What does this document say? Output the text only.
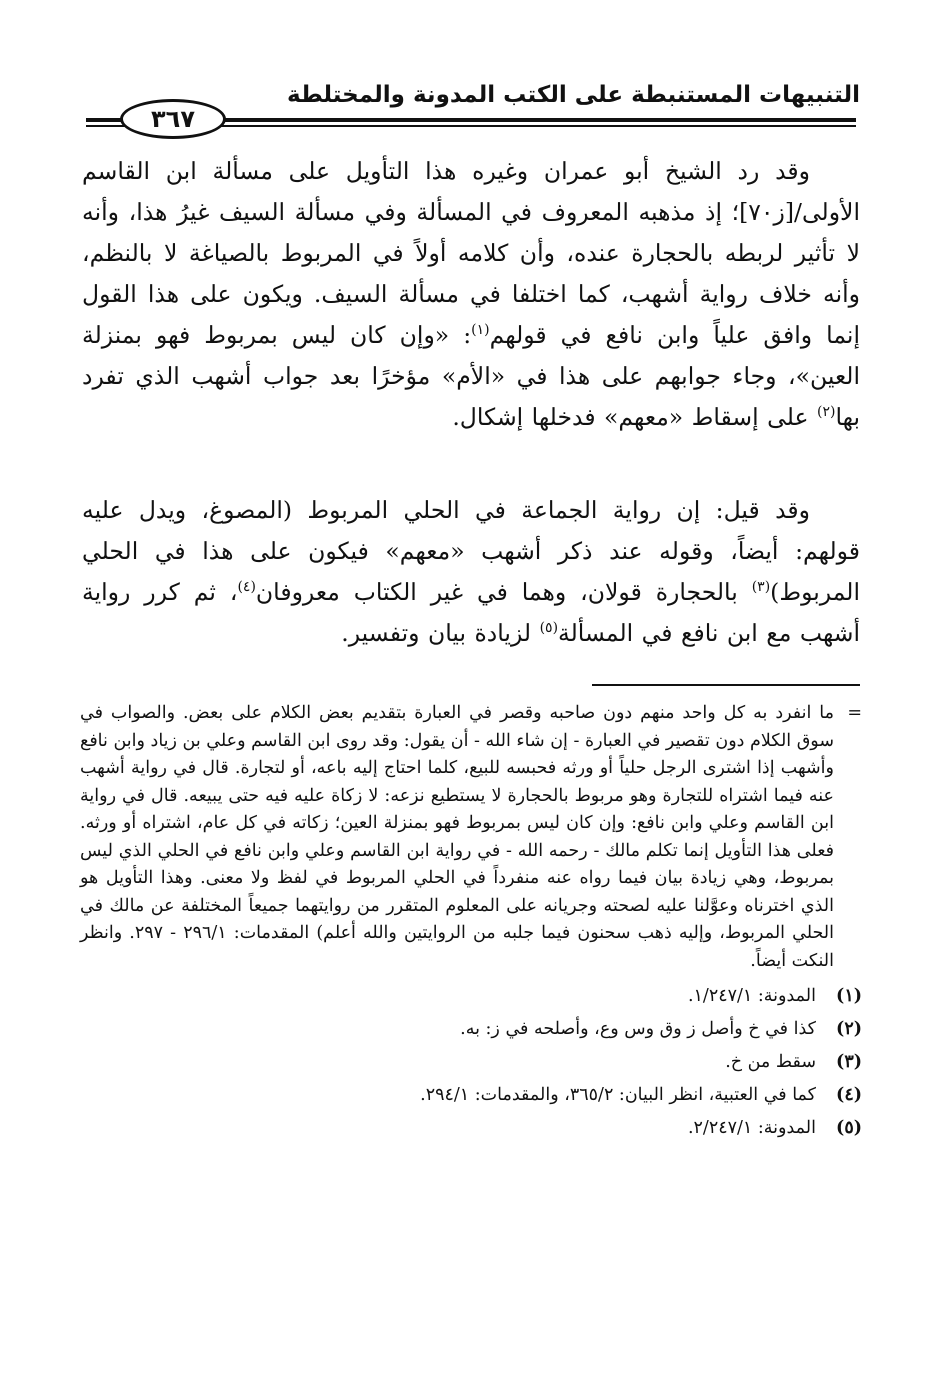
التنبيهات المستنبطة على الكتب المدونة والمختلطة
٣٦٧

وقد رد الشيخ أبو عمران وغيره هذا التأويل على مسألة ابن القاسم الأولى/[ز٧٠]؛ إذ مذهبه المعروف في المسألة وفي مسألة السيف غيرُ هذا، وأنه لا تأثير لربطه بالحجارة عنده، وأن كلامه أولاً في المربوط بالصياغة لا بالنظم، وأنه خلاف رواية أشهب، كما اختلفا في مسألة السيف. ويكون على هذا القول إنما وافق علياً وابن نافع في قولهم$^{(١)}$: «وإن كان ليس بمربوط فهو بمنزلة العين»، وجاء جوابهم على هذا في «الأم» مؤخرًا بعد جواب أشهب الذي تفرد بها$^{(٢)}$ على إسقاط «معهم» فدخلها إشكال.

وقد قيل: إن رواية الجماعة في الحلي المربوط (المصوغ، ويدل عليه قولهم: أيضاً، وقوله عند ذكر أشهب «معهم» فيكون على هذا في الحلي المربوط)$^{(٣)}$ بالحجارة قولان، وهما في غير الكتاب معروفان$^{(٤)}$، ثم كرر رواية أشهب مع ابن نافع في المسألة$^{(٥)}$ لزيادة بيان وتفسير.

=
ما انفرد به كل واحد منهم دون صاحبه وقصر في العبارة بتقديم بعض الكلام على بعض. والصواب في سوق الكلام دون تقصير في العبارة - إن شاء الله - أن يقول: وقد روى ابن القاسم وعلي بن زياد وابن نافع وأشهب إذا اشترى الرجل حلياً أو ورثه فحبسه للبيع، كلما احتاج إليه باعه، أو لتجارة. قال في رواية أشهب عنه فيما اشتراه للتجارة وهو مربوط بالحجارة لا يستطيع نزعه: لا زكاة عليه فيه حتى يبيعه. قال في رواية ابن القاسم وعلي وابن نافع: وإن كان ليس بمربوط فهو بمنزلة العين؛ زكاته في كل عام، اشتراه أو ورثه. فعلى هذا التأويل إنما تكلم مالك - رحمه الله - في رواية ابن القاسم وعلي وابن نافع في الحلي الذي ليس بمربوط، وهي زيادة بيان فيما رواه عنه منفرداً في الحلي المربوط في لفظ ولا معنى. وهذا التأويل هو الذي اخترناه وعوَّلنا عليه لصحته وجريانه على المعلوم المتقرر من روايتهما جميعاً المختلفة عن مالك في الحلي المربوط، وإليه ذهب سحنون فيما جلبه من الروايتين والله أعلم) المقدمات: ٢٩٦/١ - ٢٩٧. وانظر النكت أيضاً.
(١)
المدونة: ١/٢٤٧/١.
(٢)
كذا في خ وأصل ز وق وس وع، وأصلحه في ز: به.
(٣)
سقط من خ.
(٤)
كما في العتبية، انظر البيان: ٣٦٥/٢، والمقدمات: ٢٩٤/١.
(٥)
المدونة: ٢/٢٤٧/١.
